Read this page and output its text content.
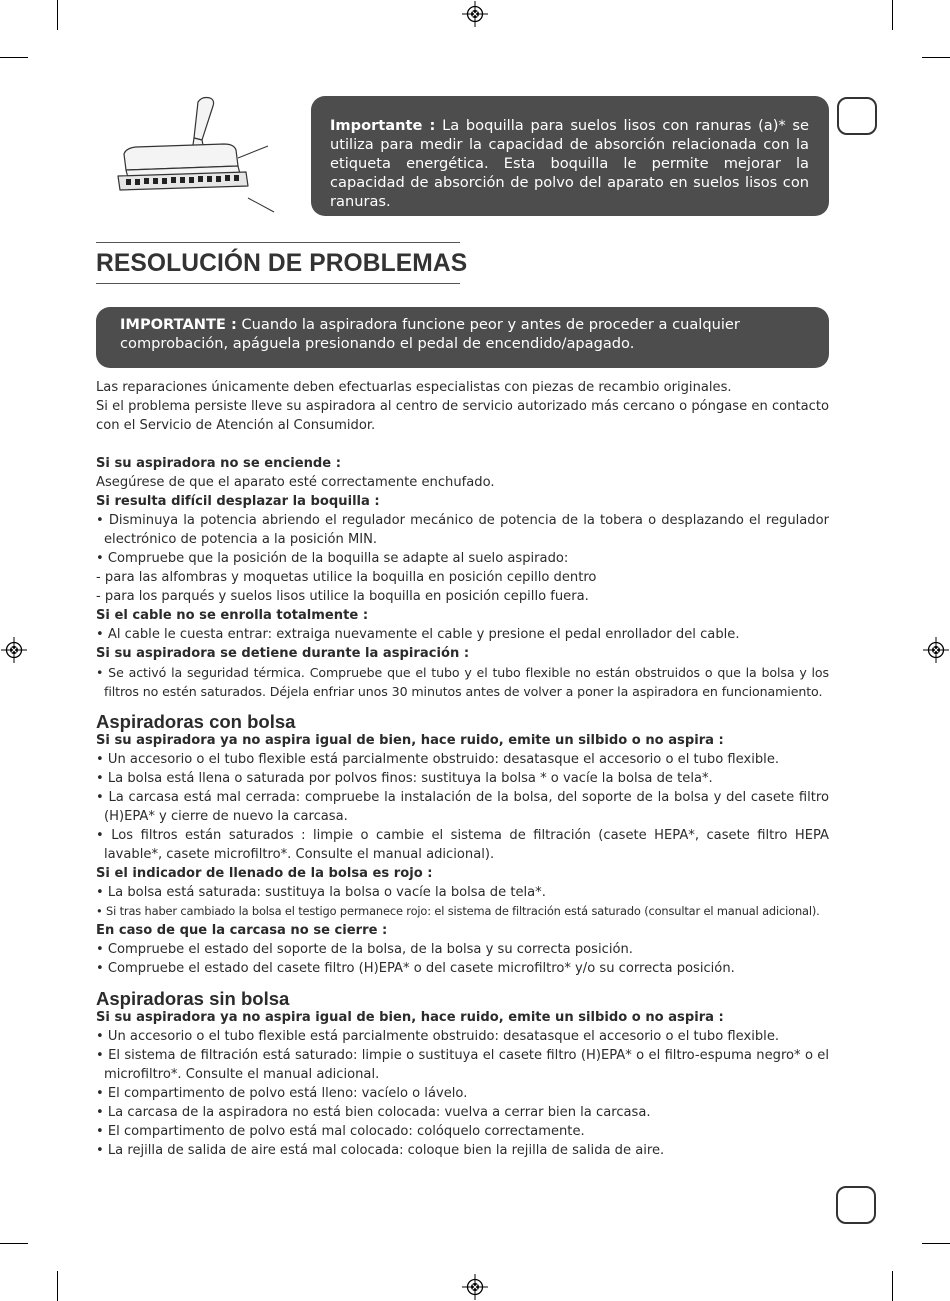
Importante : La boquilla para suelos lisos con ranuras (a)* se utiliza para medir la capacidad de absorción relacionada con la etiqueta energética. Esta boquilla le permite mejorar la capacidad de absorción de polvo del aparato en suelos lisos con ranuras.
RESOLUCIÓN DE PROBLEMAS
IMPORTANTE : Cuando la aspiradora funcione peor y antes de proceder a cualquier comprobación, apáguela presionando el pedal de encendido/apagado.

Las reparaciones únicamente deben efectuarlas especialistas con piezas de recambio originales.

Si el problema persiste lleve su aspiradora al centro de servicio autorizado más cercano o póngase en contacto con el Servicio de Atención al Consumidor.

Si su aspiradora no se enciende :

Asegúrese de que el aparato esté correctamente enchufado.

Si resulta difícil desplazar la boquilla :

• Disminuya la potencia abriendo el regulador mecánico de potencia de la tobera o desplazando el regulador electrónico de potencia a la posición MIN.

• Compruebe que la posición de la boquilla se adapte al suelo aspirado:

- para las alfombras y moquetas utilice la boquilla en posición cepillo dentro

- para los parqués y suelos lisos utilice la boquilla en posición cepillo fuera.

Si el cable no se enrolla totalmente :

• Al cable le cuesta entrar: extraiga nuevamente el cable y presione el pedal enrollador del cable.

Si su aspiradora se detiene durante la aspiración :

• Se activó la seguridad térmica. Compruebe que el tubo y el tubo flexible no están obstruidos o que la bolsa y los filtros no estén saturados. Déjela enfriar unos 30 minutos antes de volver a poner la aspiradora en funcionamiento.

Aspiradoras con bolsa

Si su aspiradora ya no aspira igual de bien, hace ruido, emite un silbido o no aspira :

• Un accesorio o el tubo flexible está parcialmente obstruido: desatasque el accesorio o el tubo flexible.

• La bolsa está llena o saturada por polvos finos: sustituya la bolsa * o vacíe la bolsa de tela*.

• La carcasa está mal cerrada: compruebe la instalación de la bolsa, del soporte de la bolsa y del casete filtro (H)EPA* y cierre de nuevo la carcasa.

• Los filtros están saturados : limpie o cambie el sistema de filtración (casete HEPA*, casete filtro HEPA lavable*, casete microfiltro*. Consulte el manual adicional).

Si el indicador de llenado de la bolsa es rojo :

• La bolsa está saturada: sustituya la bolsa o vacíe la bolsa de tela*.

• Si tras haber cambiado la bolsa el testigo permanece rojo: el sistema de filtración está saturado (consultar el manual adicional).

En caso de que la carcasa no se cierre :

• Compruebe el estado del soporte de la bolsa, de la bolsa y su correcta posición.

• Compruebe el estado del casete filtro (H)EPA* o del casete microfiltro* y/o su correcta posición.

Aspiradoras sin bolsa

Si su aspiradora ya no aspira igual de bien, hace ruido, emite un silbido o no aspira :

• Un accesorio o el tubo flexible está parcialmente obstruido: desatasque el accesorio o el tubo flexible.

• El sistema de filtración está saturado: limpie o sustituya el casete filtro (H)EPA* o el filtro-espuma negro* o el microfiltro*. Consulte el manual adicional.

• El compartimento de polvo está lleno: vacíelo o lávelo.

• La carcasa de la aspiradora no está bien colocada: vuelva a cerrar bien la carcasa.

• El compartimento de polvo está mal colocado: colóquelo correctamente.

• La rejilla de salida de aire está mal colocada: coloque bien la rejilla de salida de aire.
